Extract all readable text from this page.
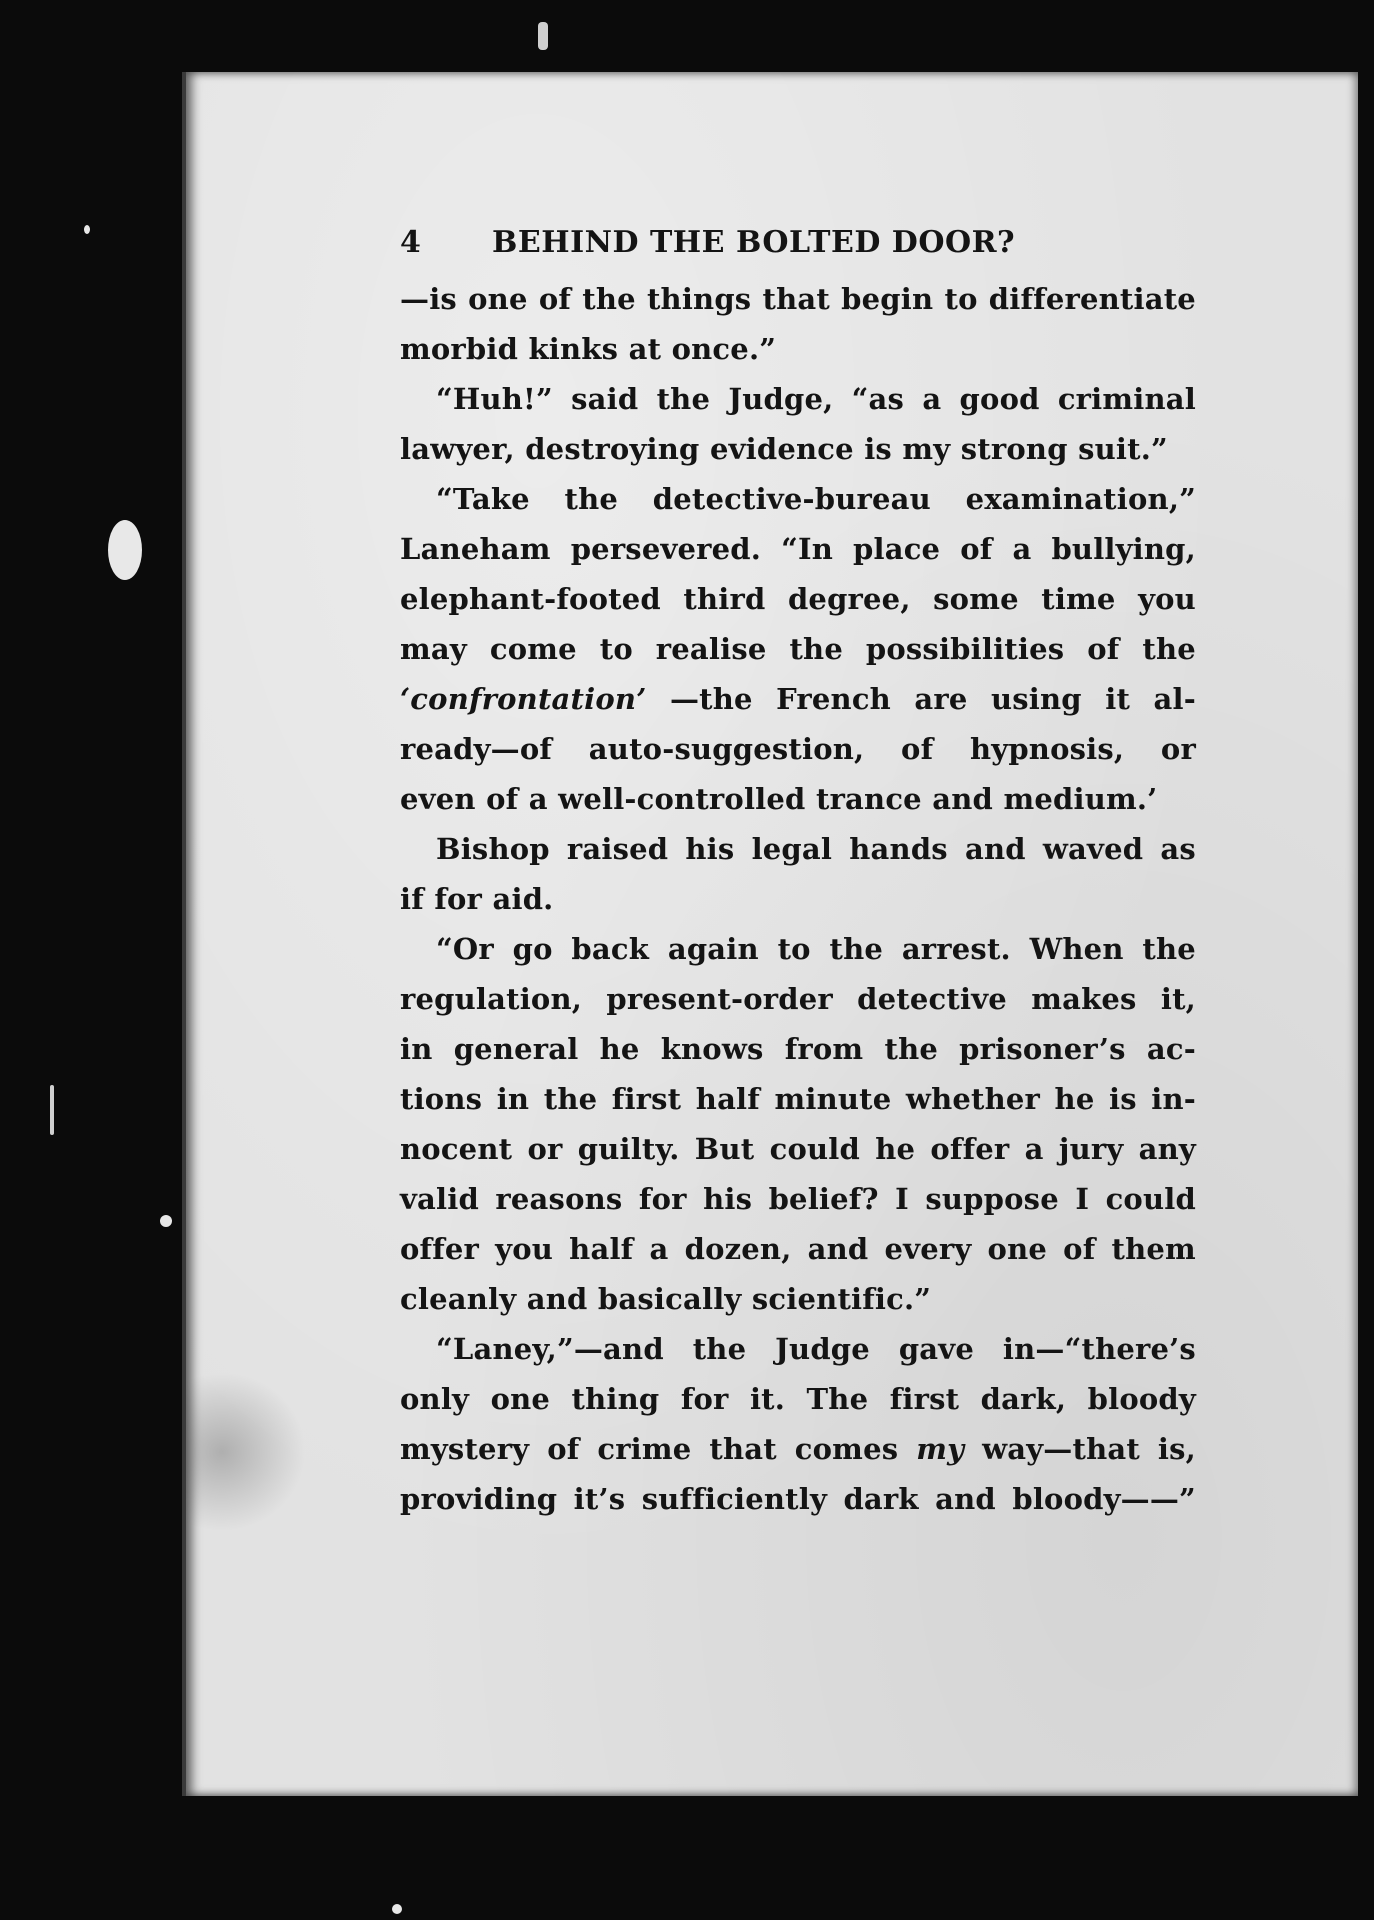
4	BEHIND THE BOLTED DOOR?
—is one of the things that begin to differentiate
morbid kinks at once.”
“Huh!” said the Judge, “as a good criminal
lawyer, destroying evidence is my strong suit.”
“Take the detective-bureau examination,”
Laneham persevered. “In place of a bullying,
elephant-footed third degree, some time you
may come to realise the possibilities of the
‘confrontation’ —the French are using it al-
ready—of auto-suggestion, of hypnosis, or
even of a well-controlled trance and medium.’
Bishop raised his legal hands and waved as
if for aid.
“Or go back again to the arrest. When the
regulation, present-order detective makes it,
in general he knows from the prisoner’s ac-
tions in the first half minute whether he is in-
nocent or guilty. But could he offer a jury any
valid reasons for his belief? I suppose I could
offer you half a dozen, and every one of them
cleanly and basically scientific.”
“Laney,”—and the Judge gave in—“there’s
only one thing for it. The first dark, bloody
mystery of crime that comes my way—that is,
providing it’s sufficiently dark and bloody——”
